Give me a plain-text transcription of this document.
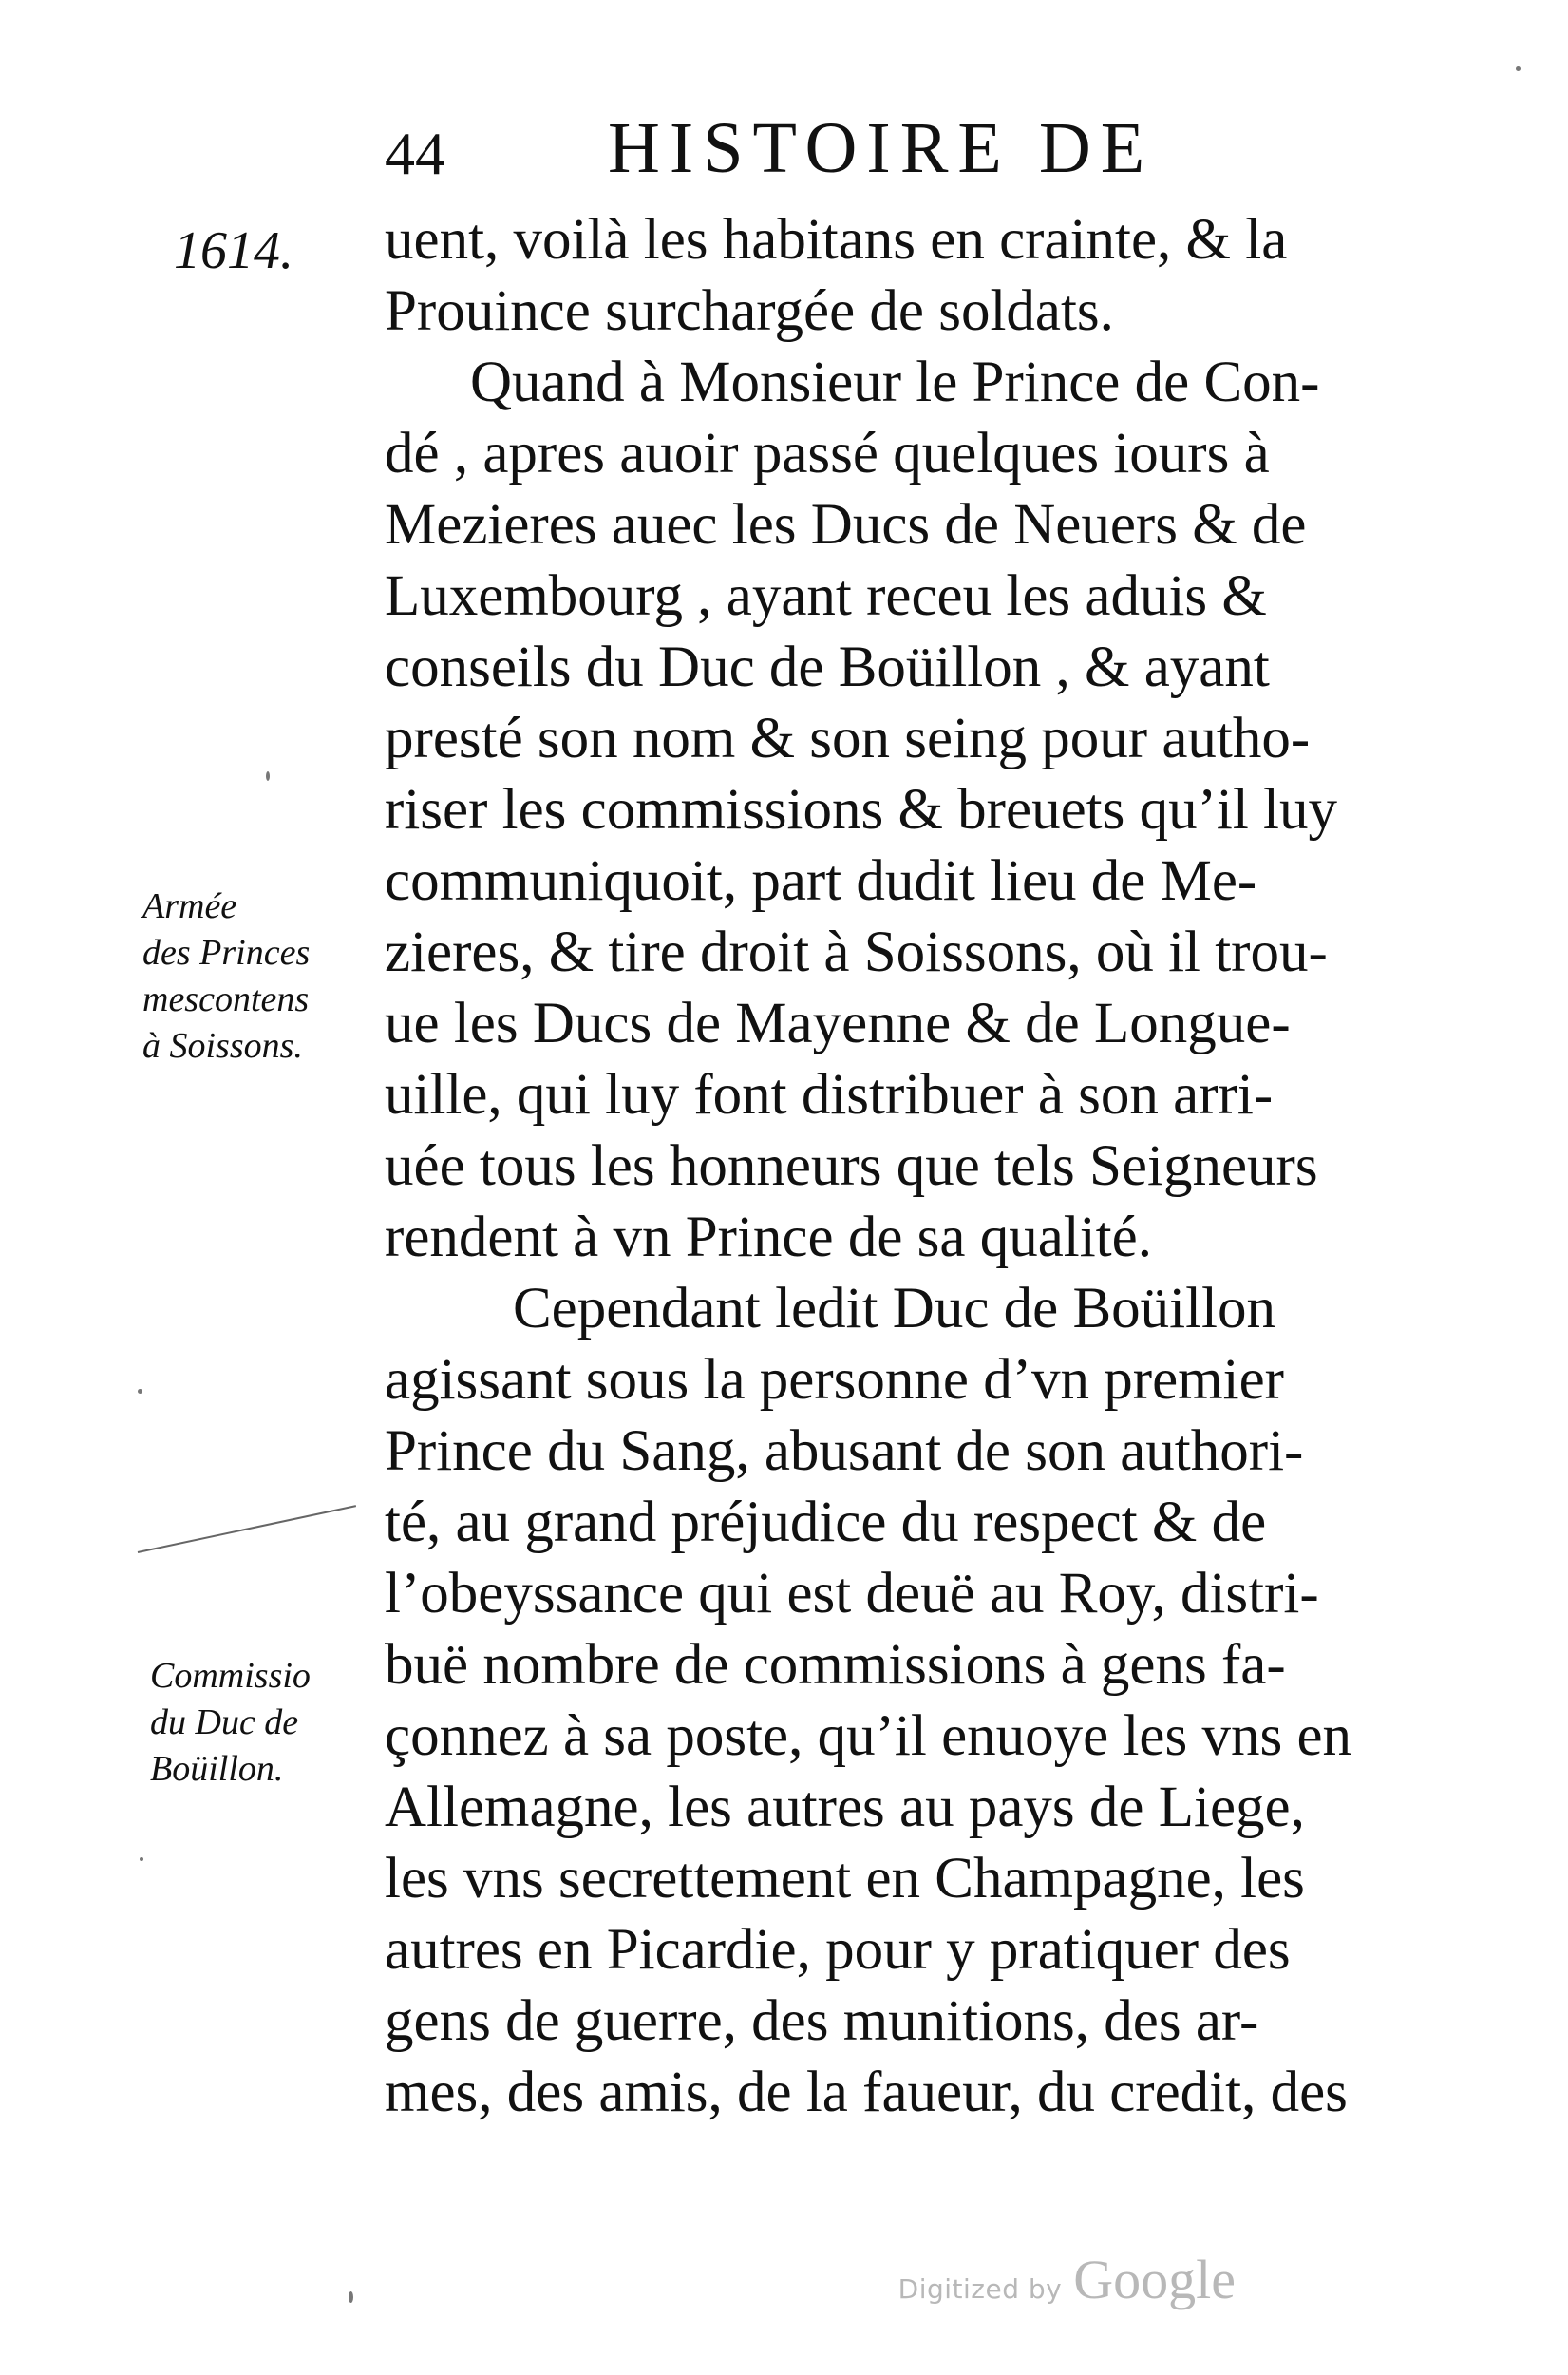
44 HISTOIRE DE
1614. uent, voilà les habitans en crainte, & la
Prouince surchargée de soldats.
Quand à Monsieur le Prince de Con-
dé , apres auoir passé quelques iours à
Mezieres auec les Ducs de Neuers & de
Luxembourg , ayant receu les aduis &
conseils du Duc de Boüillon , & ayant
presté son nom & son seing pour autho-
riser les commissions & breuets qu’il luy
communiquoit, part dudit lieu de Me-
zieres, & tire droit à Soissons, où il trou-
ue les Ducs de Mayenne & de Longue-
uille, qui luy font distribuer à son arri-
uée tous les honneurs que tels Seigneurs
rendent à vn Prince de sa qualité.
Cependant ledit Duc de Boüillon
agissant sous la personne d’vn premier
Prince du Sang, abusant de son authori-
té, au grand préjudice du respect & de
l’obeyssance qui est deuë au Roy, distri-
buë nombre de commissions à gens fa-
çonnez à sa poste, qu’il enuoye les vns en
Allemagne, les autres au pays de Liege,
les vns secrettement en Champagne, les
autres en Picardie, pour y pratiquer des
gens de guerre, des munitions, des ar-
mes, des amis, de la faueur, du credit, des
Armée
des Princes
mescontens
à Soissons.
Commissio
du Duc de
Boüillon.
Digitized by Google
